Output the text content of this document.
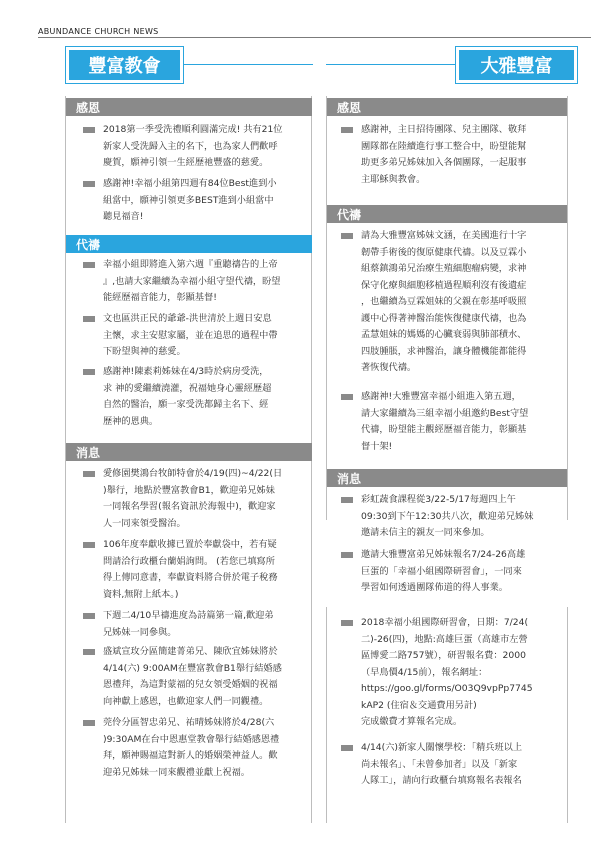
ABUNDANCE CHURCH NEWS
豐富教會
感恩
2018第一季受洗禮順利圓滿完成! 共有21位
新家人受洗歸入主的名下，也為家人們歡呼
慶賀，願神引領一生經歷祂豐盛的慈愛。
感謝神!幸福小組第四週有84位Best進到小
組當中，願神引領更多BEST進到小組當中
聽見福音!
代禱
幸福小組即將進入第六週『重聽禱告的上帝
』,也請大家繼續為幸福小組守望代禱，盼望
能經歷福音能力，彰顯基督!
文也區洪正民的爺爺-洪世清於上週日安息
主懷，求主安慰家屬，並在追思的過程中帶
下盼望與神的慈愛。
感謝神!陳素莉姊妹在4/3時於病房受洗，
求 神的愛繼續澆灌，祝福她身心靈經歷超
自然的醫治，願一家受洗都歸主名下、經
歷神的恩典。
消息
愛修園樊鴻台牧師特會於4/19(四)~4/22(日
)舉行，地點於豐富教會B1，歡迎弟兄姊妹
一同報名學習(報名資訊於海報中)，歡迎家
人一同來領受醫治。
106年度奉獻收據已置於奉獻袋中，若有疑
問請洽行政櫃台蘭娟詢問。 (若您已填寫所
得上傳同意書，奉獻資料將合併於電子稅務
資料,無附上紙本。)
下週二4/10早禱進度為詩篇第一篇,歡迎弟
兄姊妹一同參與。
盛斌宣玫分區簡建菁弟兄、陳欣宜姊妹將於
4/14(六) 9:00AM在豐富教會B1舉行結婚感
恩禮拜，為這對蒙福的兒女領受婚姻的祝福
向神獻上感恩，也歡迎家人們一同觀禮。
莞伶分區智忠弟兄、祐晴姊妹將於4/28(六
)9:30AM在台中恩惠堂教會舉行結婚感恩禮
拜，願神賜福這對新人的婚姻榮神益人。歡
迎弟兄姊妹一同來觀禮並獻上祝福。
大雅豐富
感恩
感謝神，主日招待團隊、兒主團隊、敬拜
團隊都在陸續進行事工整合中，盼望能幫
助更多弟兄姊妹加入各個團隊，一起服事
主耶穌與教會。
代禱
請為大雅豐富姊妹文涵，在美國進行十字
韌帶手術後的復原健康代禱。以及豆霖小
組蔡鎮鴻弟兄治療生殖細胞瘤病變，求神
保守化療與細胞移植過程順利沒有後遺症
，也繼續為豆霖姐妹的父親在彰基呼吸照
護中心得著神醫治能恢復健康代禱，也為
孟慧姐妹的媽媽的心臟衰弱與肺部積水、
四肢腫脹，求神醫治，讓身體機能都能得
著恢復代禱。
感謝神!大雅豐富幸福小組進入第五週，
請大家繼續為三組幸福小組邀約Best守望
代禱，盼望能主觀經歷福音能力，彰顯基
督十架!
消息
彩虹蔬食課程從3/22-5/17每週四上午
09:30到下午12:30共八次，歡迎弟兄姊妹
邀請未信主的親友一同來參加。
邀請大雅豐富弟兄姊妹報名7/24-26高雄
巨蛋的「幸福小組國際研習會」，一同來
學習如何透過團隊佈道的得人事業。
2018幸福小組國際研習會，日期：7/24(
二)-26(四)，地點:高雄巨蛋（高雄市左營
區博愛二路757號），研習報名費：2000
（早鳥價4/15前），報名網址：
https://goo.gl/forms/O03Q9vpPp7745
kAP2 (住宿＆交通費用另計)
完成繳費才算報名完成。
4/14(六)新家人關懷學校：「精兵班以上
尚未報名」、「未曾參加者」以及「新家
人隊工」，請向行政櫃台填寫報名表報名
